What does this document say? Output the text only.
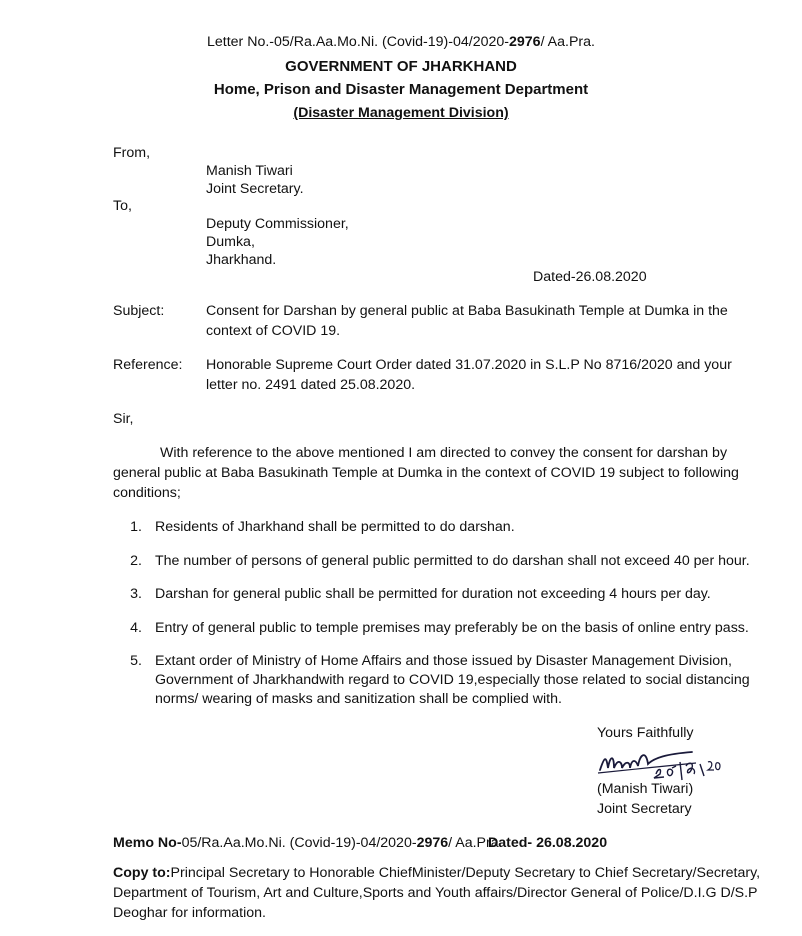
Letter No.-05/Ra.Aa.Mo.Ni. (Covid-19)-04/2020-2976/ Aa.Pra.
GOVERNMENT OF JHARKHAND
Home, Prison and Disaster Management Department
(Disaster Management Division)
From,
Manish Tiwari
Joint Secretary.
To,
Deputy Commissioner,
Dumka,
Jharkhand.
Dated-26.08.2020
Subject:	Consent for Darshan by general public at Baba Basukinath Temple at Dumka in the
context of COVID 19.
Reference: Honorable Supreme Court Order dated 31.07.2020 in S.L.P No 8716/2020 and your
letter no. 2491 dated 25.08.2020.
Sir,
With reference to the above mentioned I am directed to convey the consent for darshan by
general public at Baba Basukinath Temple at Dumka in the context of COVID 19 subject to following
conditions;
1. Residents of Jharkhand shall be permitted to do darshan.
2. The number of persons of general public permitted to do darshan shall not exceed 40 per hour.
3. Darshan for general public shall be permitted for duration not exceeding 4 hours per day.
4. Entry of general public to temple premises may preferably be on the basis of online entry pass.
5. Extant order of Ministry of Home Affairs and those issued by Disaster Management Division,
Government of Jharkhandwith regard to COVID 19,especially those related to social distancing
norms/ wearing of masks and sanitization shall be complied with.
Yours Faithfully
(Manish Tiwari)
Joint Secretary
Memo No-05/Ra.Aa.Mo.Ni. (Covid-19)-04/2020-2976/ Aa.Pra.
Dated- 26.08.2020
Copy to:Principal Secretary to Honorable ChiefMinister/Deputy Secretary to Chief Secretary/Secretary,
Department of Tourism, Art and Culture,Sports and Youth affairs/Director General of Police/D.I.G D/S.P
Deoghar for information.
